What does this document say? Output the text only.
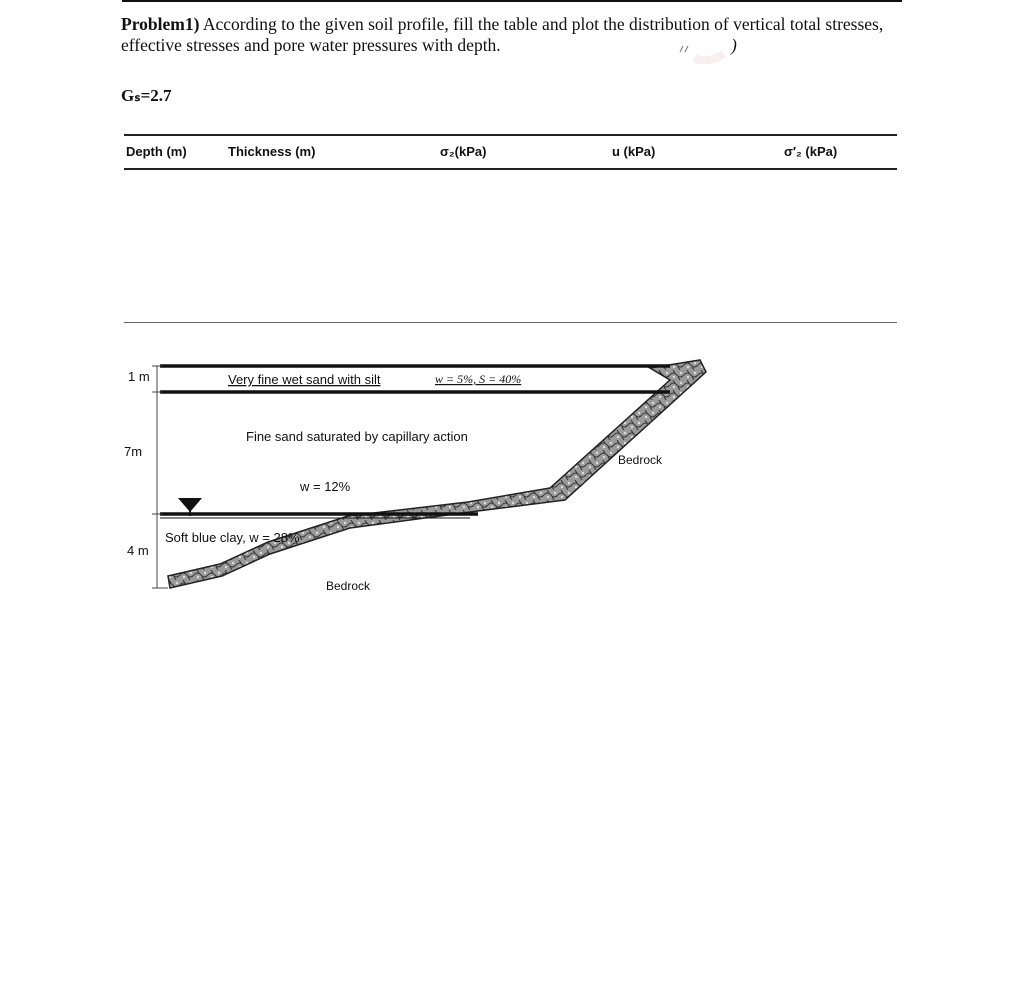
Problem1) According to the given soil profile, fill the table and plot the distribution of vertical total stresses, effective stresses and pore water pressures with depth.	)
Gₛ=2.7
Depth (m)	Thickness (m)	σ₂(kPa)	u (kPa)	σ′₂ (kPa)
1 m
7m
4 m
Very fine wet sand with silt	w = 5%, S = 40%
Fine sand saturated by capillary action
w = 12%
Soft blue clay, w = 28%
Bedrock
Bedrock
